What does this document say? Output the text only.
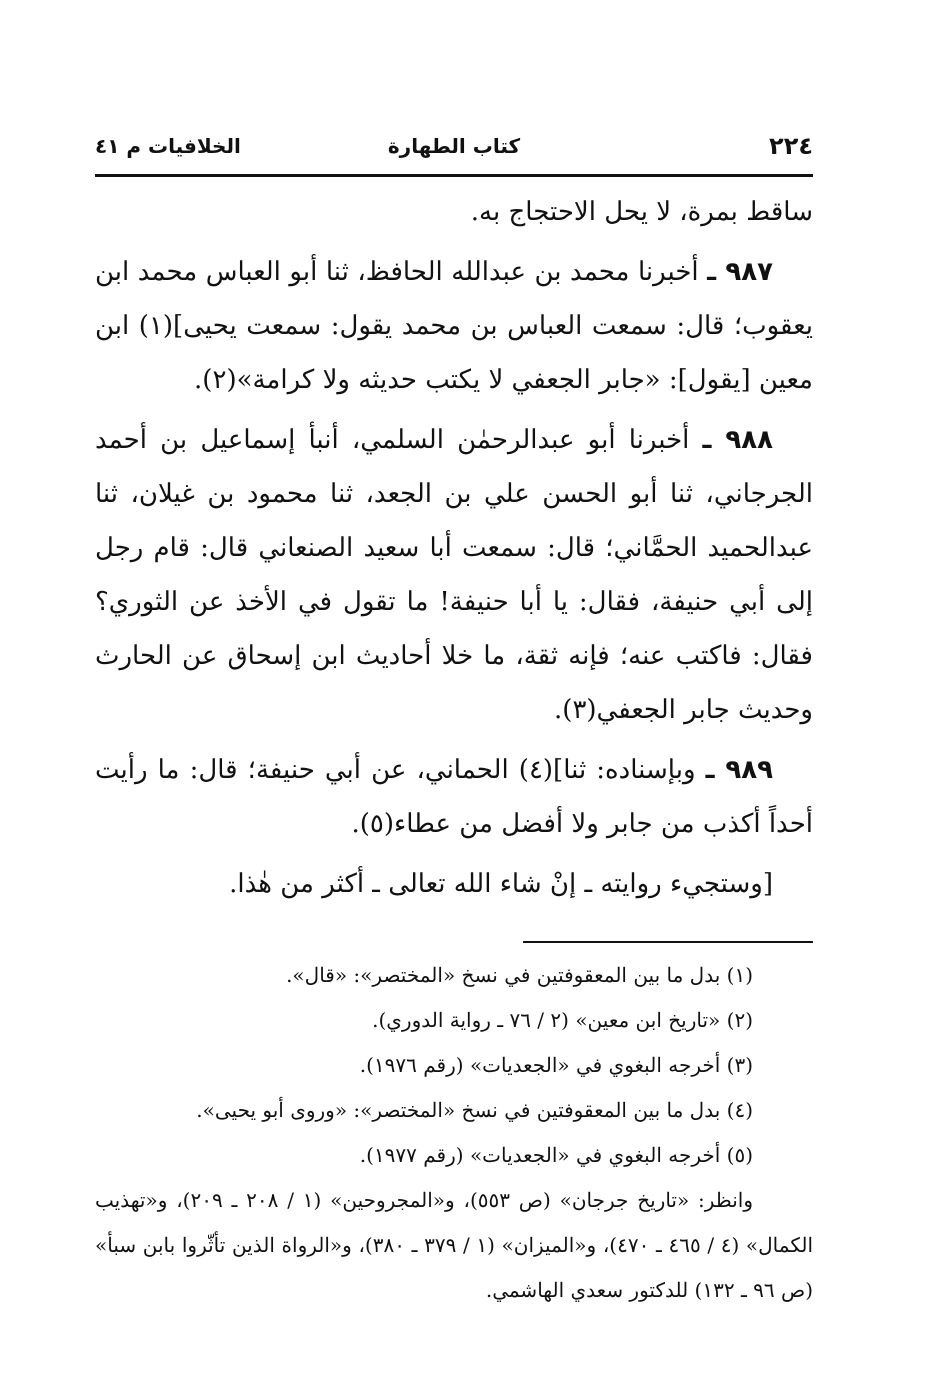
٢٢٤
كتاب الطهارة
الخلافيات م ٤١

ساقط بمرة، لا يحل الاحتجاج به.

٩٨٧ ـ أخبرنا محمد بن عبدالله الحافظ، ثنا أبو العباس محمد ابن يعقوب؛ قال: سمعت العباس بن محمد يقول: سمعت يحيى](١) ابن معين [يقول]: «جابر الجعفي لا يكتب حديثه ولا كرامة»(٢).

٩٨٨ ـ أخبرنا أبو عبدالرحمٰن السلمي، أنبأ إسماعيل بن أحمد الجرجاني، ثنا أبو الحسن علي بن الجعد، ثنا محمود بن غيلان، ثنا عبدالحميد الحمَّاني؛ قال: سمعت أبا سعيد الصنعاني قال: قام رجل إلى أبي حنيفة، فقال: يا أبا حنيفة! ما تقول في الأخذ عن الثوري؟ فقال: فاكتب عنه؛ فإنه ثقة، ما خلا أحاديث ابن إسحاق عن الحارث وحديث جابر الجعفي(٣).

٩٨٩ ـ وبإسناده: ثنا](٤) الحماني، عن أبي حنيفة؛ قال: ما رأيت أحداً أكذب من جابر ولا أفضل من عطاء(٥).

[وستجيء روايته ـ إنْ شاء الله تعالى ـ أكثر من هٰذا.

(١) بدل ما بين المعقوفتين في نسخ «المختصر»: «قال».

(٢) «تاريخ ابن معين» (٢ / ٧٦ ـ رواية الدوري).

(٣) أخرجه البغوي في «الجعديات» (رقم ١٩٧٦).

(٤) بدل ما بين المعقوفتين في نسخ «المختصر»: «وروى أبو يحيى».

(٥) أخرجه البغوي في «الجعديات» (رقم ١٩٧٧).

وانظر: «تاريخ جرجان» (ص ٥٥٣)، و«المجروحين» (١ / ٢٠٨ ـ ٢٠٩)، و«تهذيب الكمال» (٤ / ٤٦٥ ـ ٤٧٠)، و«الميزان» (١ / ٣٧٩ ـ ٣٨٠)، و«الرواة الذين تأثّروا بابن سبأ» (ص ٩٦ ـ ١٣٢) للدكتور سعدي الهاشمي.
